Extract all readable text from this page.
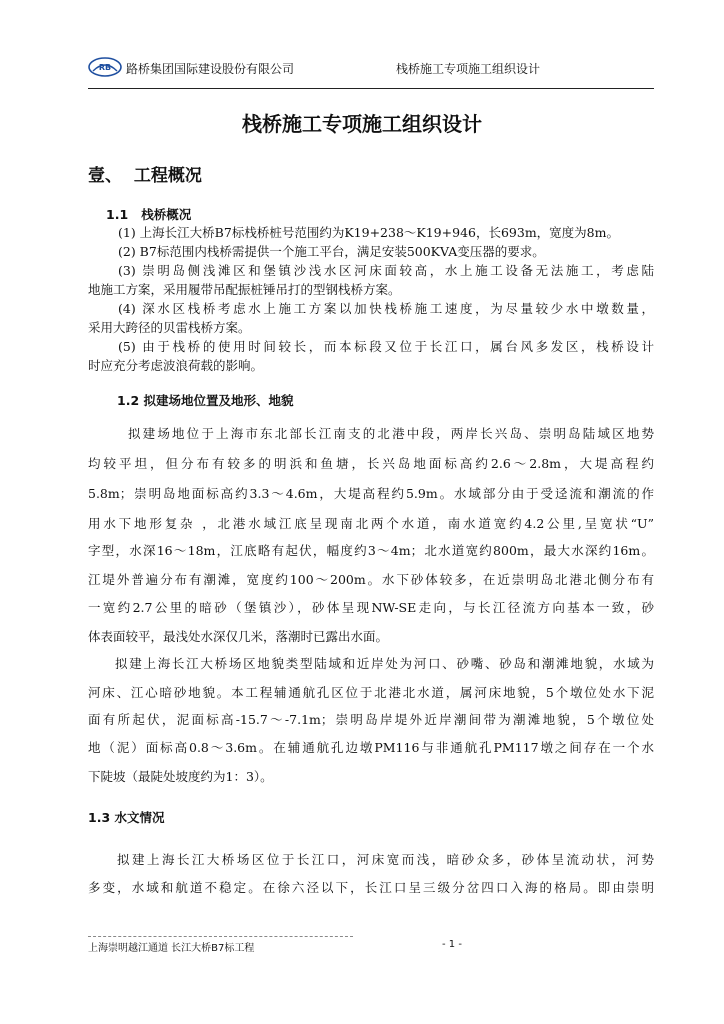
RB 路桥集团国际建设股份有限公司	栈桥施工专项施工组织设计
栈桥施工专项施工组织设计
壹、  工程概况
1.1   栈桥概况
(1) 上海长江大桥B7标栈桥桩号范围约为K19+238～K19+946，长693m，宽度为8m。
(2) B7标范围内栈桥需提供一个施工平台，满足安装500KVA变压器的要求。
(3) 崇明岛侧浅滩区和堡镇沙浅水区河床面较高，水上施工设备无法施工，考虑陆
地施工方案，采用履带吊配振桩锤吊打的型钢栈桥方案。
(4) 深水区栈桥考虑水上施工方案以加快栈桥施工速度，为尽量较少水中墩数量，
采用大跨径的贝雷栈桥方案。
(5) 由于栈桥的使用时间较长，而本标段又位于长江口，属台风多发区，栈桥设计
时应充分考虑波浪荷载的影响。
1.2 拟建场地位置及地形、地貌
拟建场地位于上海市东北部长江南支的北港中段，两岸长兴岛、崇明岛陆域区地势
均较平坦，但分布有较多的明浜和鱼塘，长兴岛地面标高约2.6～2.8m，大堤高程约
5.8m；崇明岛地面标高约3.3～4.6m，大堤高程约5.9m。水域部分由于受迳流和潮流的作
用水下地形复杂 ，北港水域江底呈现南北两个水道，南水道宽约4.2公里,呈宽状“U”
字型，水深16～18m，江底略有起伏，幅度约3～4m；北水道宽约800m，最大水深约16m。
江堤外普遍分布有潮滩，宽度约100～200m。水下砂体较多，在近崇明岛北港北侧分布有
一宽约2.7公里的暗砂（堡镇沙），砂体呈现NW-SE走向，与长江径流方向基本一致，砂
体表面较平，最浅处水深仅几米，落潮时已露出水面。
拟建上海长江大桥场区地貌类型陆域和近岸处为河口、砂嘴、砂岛和潮滩地貌，水域为
河床、江心暗砂地貌。本工程辅通航孔区位于北港北水道，属河床地貌，5个墩位处水下泥
面有所起伏，泥面标高-15.7～-7.1m；崇明岛岸堤外近岸潮间带为潮滩地貌，5个墩位处
地（泥）面标高0.8～3.6m。在辅通航孔边墩PM116与非通航孔PM117墩之间存在一个水
下陡坡（最陡处坡度约为1：3）。
1.3 水文情况
拟建上海长江大桥场区位于长江口，河床宽而浅，暗砂众多，砂体呈流动状，河势
多变，水域和航道不稳定。在徐六泾以下，长江口呈三级分岔四口入海的格局。即由崇明
上海崇明越江通道 长江大桥B7标工程	- 1 -
